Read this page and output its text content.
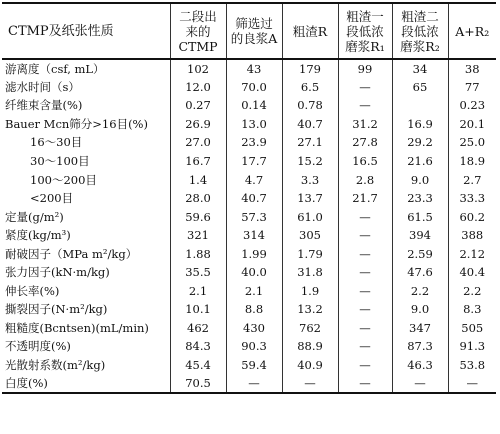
CTMP及纸张性质	二段出来的CTMP	筛选过的良浆A	粗渣R	粗渣一段低浓磨浆R₁	粗渣二段低浓磨浆R₂	A+R₂
游离度（csf, mL）	102	43	179	99	34	38
滤水时间（s）	12.0	70.0	6.5	—	65	77
纤维束含量(%)	0.27	0.14	0.78	—		0.23
Bauer Mcn筛分>16目(%)	26.9	13.0	40.7	31.2	16.9	20.1
16～30目	27.0	23.9	27.1	27.8	29.2	25.0
30～100目	16.7	17.7	15.2	16.5	21.6	18.9
100～200目	1.4	4.7	3.3	2.8	9.0	2.7
<200目	28.0	40.7	13.7	21.7	23.3	33.3
定量(g/m²)	59.6	57.3	61.0	—	61.5	60.2
紧度(kg/m³)	321	314	305	—	394	388
耐破因子（MPa m²/kg）	1.88	1.99	1.79	—	2.59	2.12
张力因子(kN·m/kg)	35.5	40.0	31.8	—	47.6	40.4
伸长率(%)	2.1	2.1	1.9	—	2.2	2.2
撕裂因子(N·m²/kg)	10.1	8.8	13.2	—	9.0	8.3
粗糙度(Bcntsen)(mL/min)	462	430	762	—	347	505
不透明度(%)	84.3	90.3	88.9	—	87.3	91.3
光散射系数(m²/kg)	45.4	59.4	40.9	—	46.3	53.8
白度(%)	70.5	—	—	—	—	—
